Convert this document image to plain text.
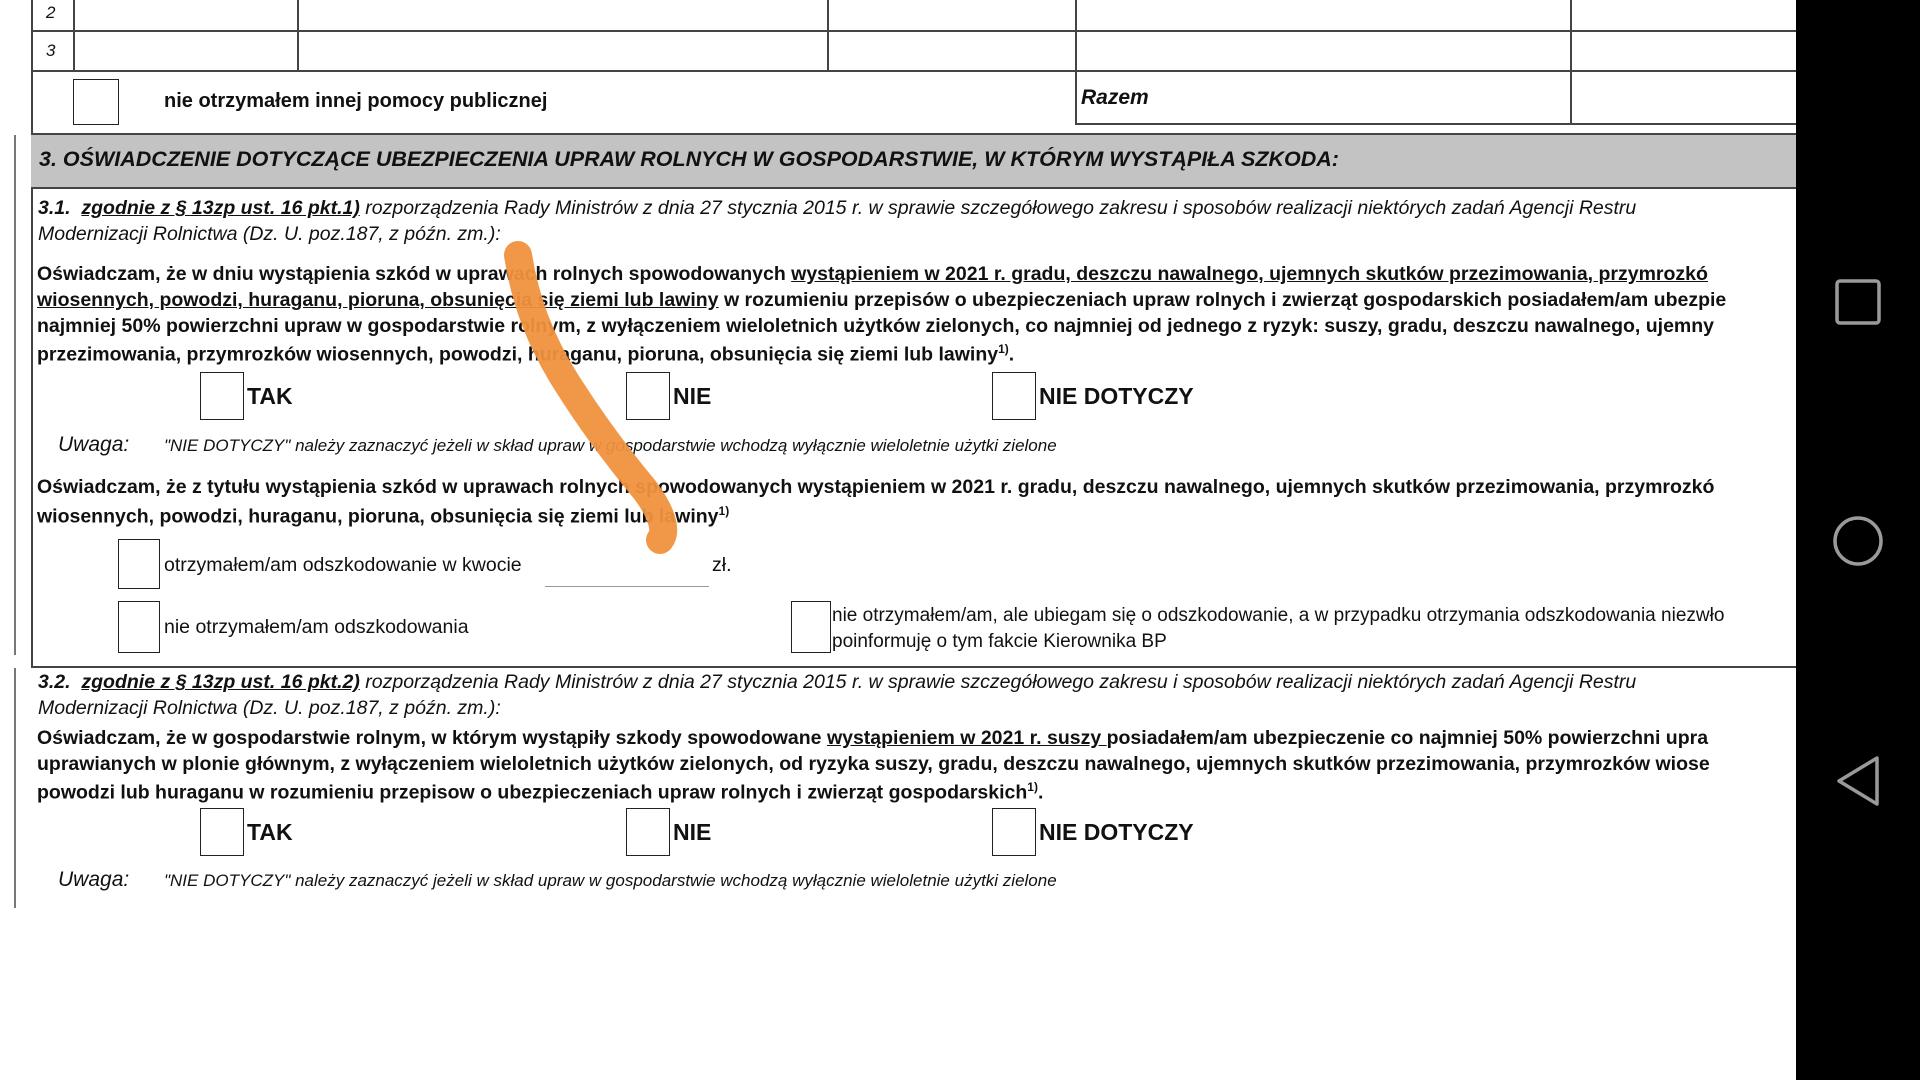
2
3
nie otrzymałem innej pomocy publicznej	Razem
3. OŚWIADCZENIE DOTYCZĄCE UBEZPIECZENIA UPRAW ROLNYCH W GOSPODARSTWIE, W KTÓRYM WYSTĄPIŁA SZKODA:
3.1. zgodnie z § 13zp ust. 16 pkt.1) rozporządzenia Rady Ministrów z dnia 27 stycznia 2015 r. w sprawie szczegółowego zakresu i sposobów realizacji niektórych zadań Agencji Restru
Modernizacji Rolnictwa (Dz. U. poz.187, z późn. zm.):
Oświadczam, że w dniu wystąpienia szkód w uprawach rolnych spowodowanych wystąpieniem w 2021 r. gradu, deszczu nawalnego, ujemnych skutków przezimowania, przymrozkó
wiosennych, powodzi, huraganu, pioruna, obsunięcia się ziemi lub lawiny w rozumieniu przepisów o ubezpieczeniach upraw rolnych i zwierząt gospodarskich posiadałem/am ubezpie
najmniej 50% powierzchni upraw w gospodarstwie rolnym, z wyłączeniem wieloletnich użytków zielonych, co najmniej od jednego z ryzyk: suszy, gradu, deszczu nawalnego, ujemny
przezimowania, przymrozków wiosennych, powodzi, huraganu, pioruna, obsunięcia się ziemi lub lawiny$^{1)}$.
TAK	NIE	NIE DOTYCZY
Uwaga: "NIE DOTYCZY" należy zaznaczyć jeżeli w skład upraw w gospodarstwie wchodzą wyłącznie wieloletnie użytki zielone
Oświadczam, że z tytułu wystąpienia szkód w uprawach rolnych spowodowanych wystąpieniem w 2021 r. gradu, deszczu nawalnego, ujemnych skutków przezimowania, przymrozkó
wiosennych, powodzi, huraganu, pioruna, obsunięcia się ziemi lub lawiny$^{1)}$
otrzymałem/am odszkodowanie w kwocie	zł.
nie otrzymałem/am odszkodowania
nie otrzymałem/am, ale ubiegam się o odszkodowanie, a w przypadku otrzymania odszkodowania niezwło
poinformuję o tym fakcie Kierownika BP
3.2. zgodnie z § 13zp ust. 16 pkt.2) rozporządzenia Rady Ministrów z dnia 27 stycznia 2015 r. w sprawie szczegółowego zakresu i sposobów realizacji niektórych zadań Agencji Restru
Modernizacji Rolnictwa (Dz. U. poz.187, z późn. zm.):
Oświadczam, że w gospodarstwie rolnym, w którym wystąpiły szkody spowodowane wystąpieniem w 2021 r. suszy posiadałem/am ubezpieczenie co najmniej 50% powierzchni upra
uprawianych w plonie głównym, z wyłączeniem wieloletnich użytków zielonych, od ryzyka suszy, gradu, deszczu nawalnego, ujemnych skutków przezimowania, przymrozków wiose
powodzi lub huraganu w rozumieniu przepisow o ubezpieczeniach upraw rolnych i zwierząt gospodarskich$^{1)}$.
TAK	NIE	NIE DOTYCZY
Uwaga: "NIE DOTYCZY" należy zaznaczyć jeżeli w skład upraw w gospodarstwie wchodzą wyłącznie wieloletnie użytki zielone
